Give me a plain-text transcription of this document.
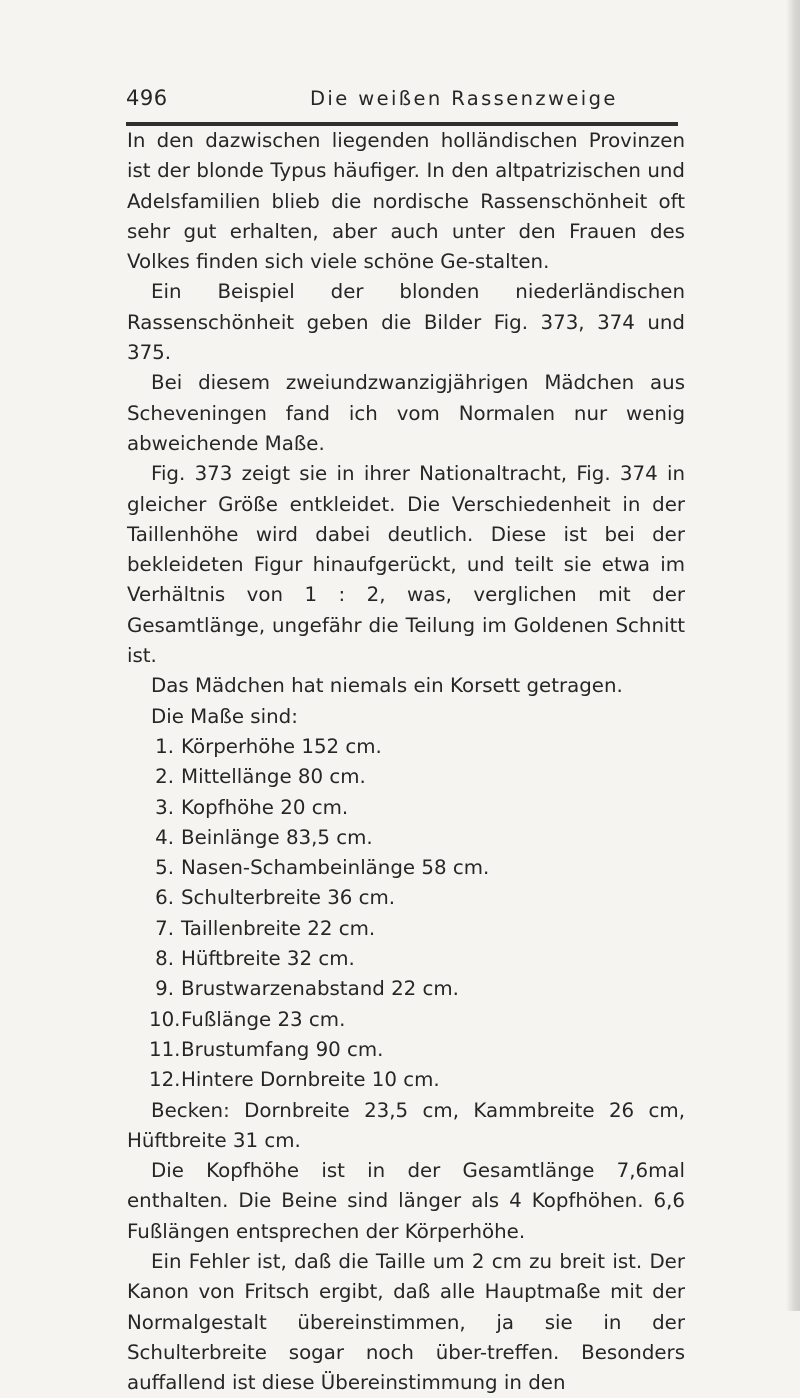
496	Die weißen Rassenzweige

In den dazwischen liegenden holländischen Provinzen ist der blonde Typus häufiger. In den altpatrizischen und Adelsfamilien blieb die nordische Rassenschönheit oft sehr gut erhalten, aber auch unter den Frauen des Volkes finden sich viele schöne Ge-stalten.

Ein Beispiel der blonden niederländischen Rassenschönheit geben die Bilder Fig. 373, 374 und 375.

Bei diesem zweiundzwanzigjährigen Mädchen aus Scheveningen fand ich vom Normalen nur wenig abweichende Maße.

Fig. 373 zeigt sie in ihrer Nationaltracht, Fig. 374 in gleicher Größe entkleidet. Die Verschiedenheit in der Taillenhöhe wird dabei deutlich. Diese ist bei der bekleideten Figur hinaufgerückt, und teilt sie etwa im Verhältnis von 1 : 2, was, verglichen mit der Gesamtlänge, ungefähr die Teilung im Goldenen Schnitt ist.

Das Mädchen hat niemals ein Korsett getragen.

Die Maße sind:

1. Körperhöhe 152 cm.
2. Mittellänge 80 cm.
3. Kopfhöhe 20 cm.
4. Beinlänge 83,5 cm.
5. Nasen-Schambeinlänge 58 cm.
6. Schulterbreite 36 cm.
7. Taillenbreite 22 cm.
8. Hüftbreite 32 cm.
9. Brustwarzenabstand 22 cm.
10. Fußlänge 23 cm.
11. Brustumfang 90 cm.
12. Hintere Dornbreite 10 cm.

Becken: Dornbreite 23,5 cm, Kammbreite 26 cm, Hüftbreite 31 cm.

Die Kopfhöhe ist in der Gesamtlänge 7,6mal enthalten. Die Beine sind länger als 4 Kopfhöhen. 6,6 Fußlängen entsprechen der Körperhöhe.

Ein Fehler ist, daß die Taille um 2 cm zu breit ist. Der Kanon von Fritsch ergibt, daß alle Hauptmaße mit der Normalgestalt übereinstimmen, ja sie in der Schulterbreite sogar noch über-treffen. Besonders auffallend ist diese Übereinstimmung in den
